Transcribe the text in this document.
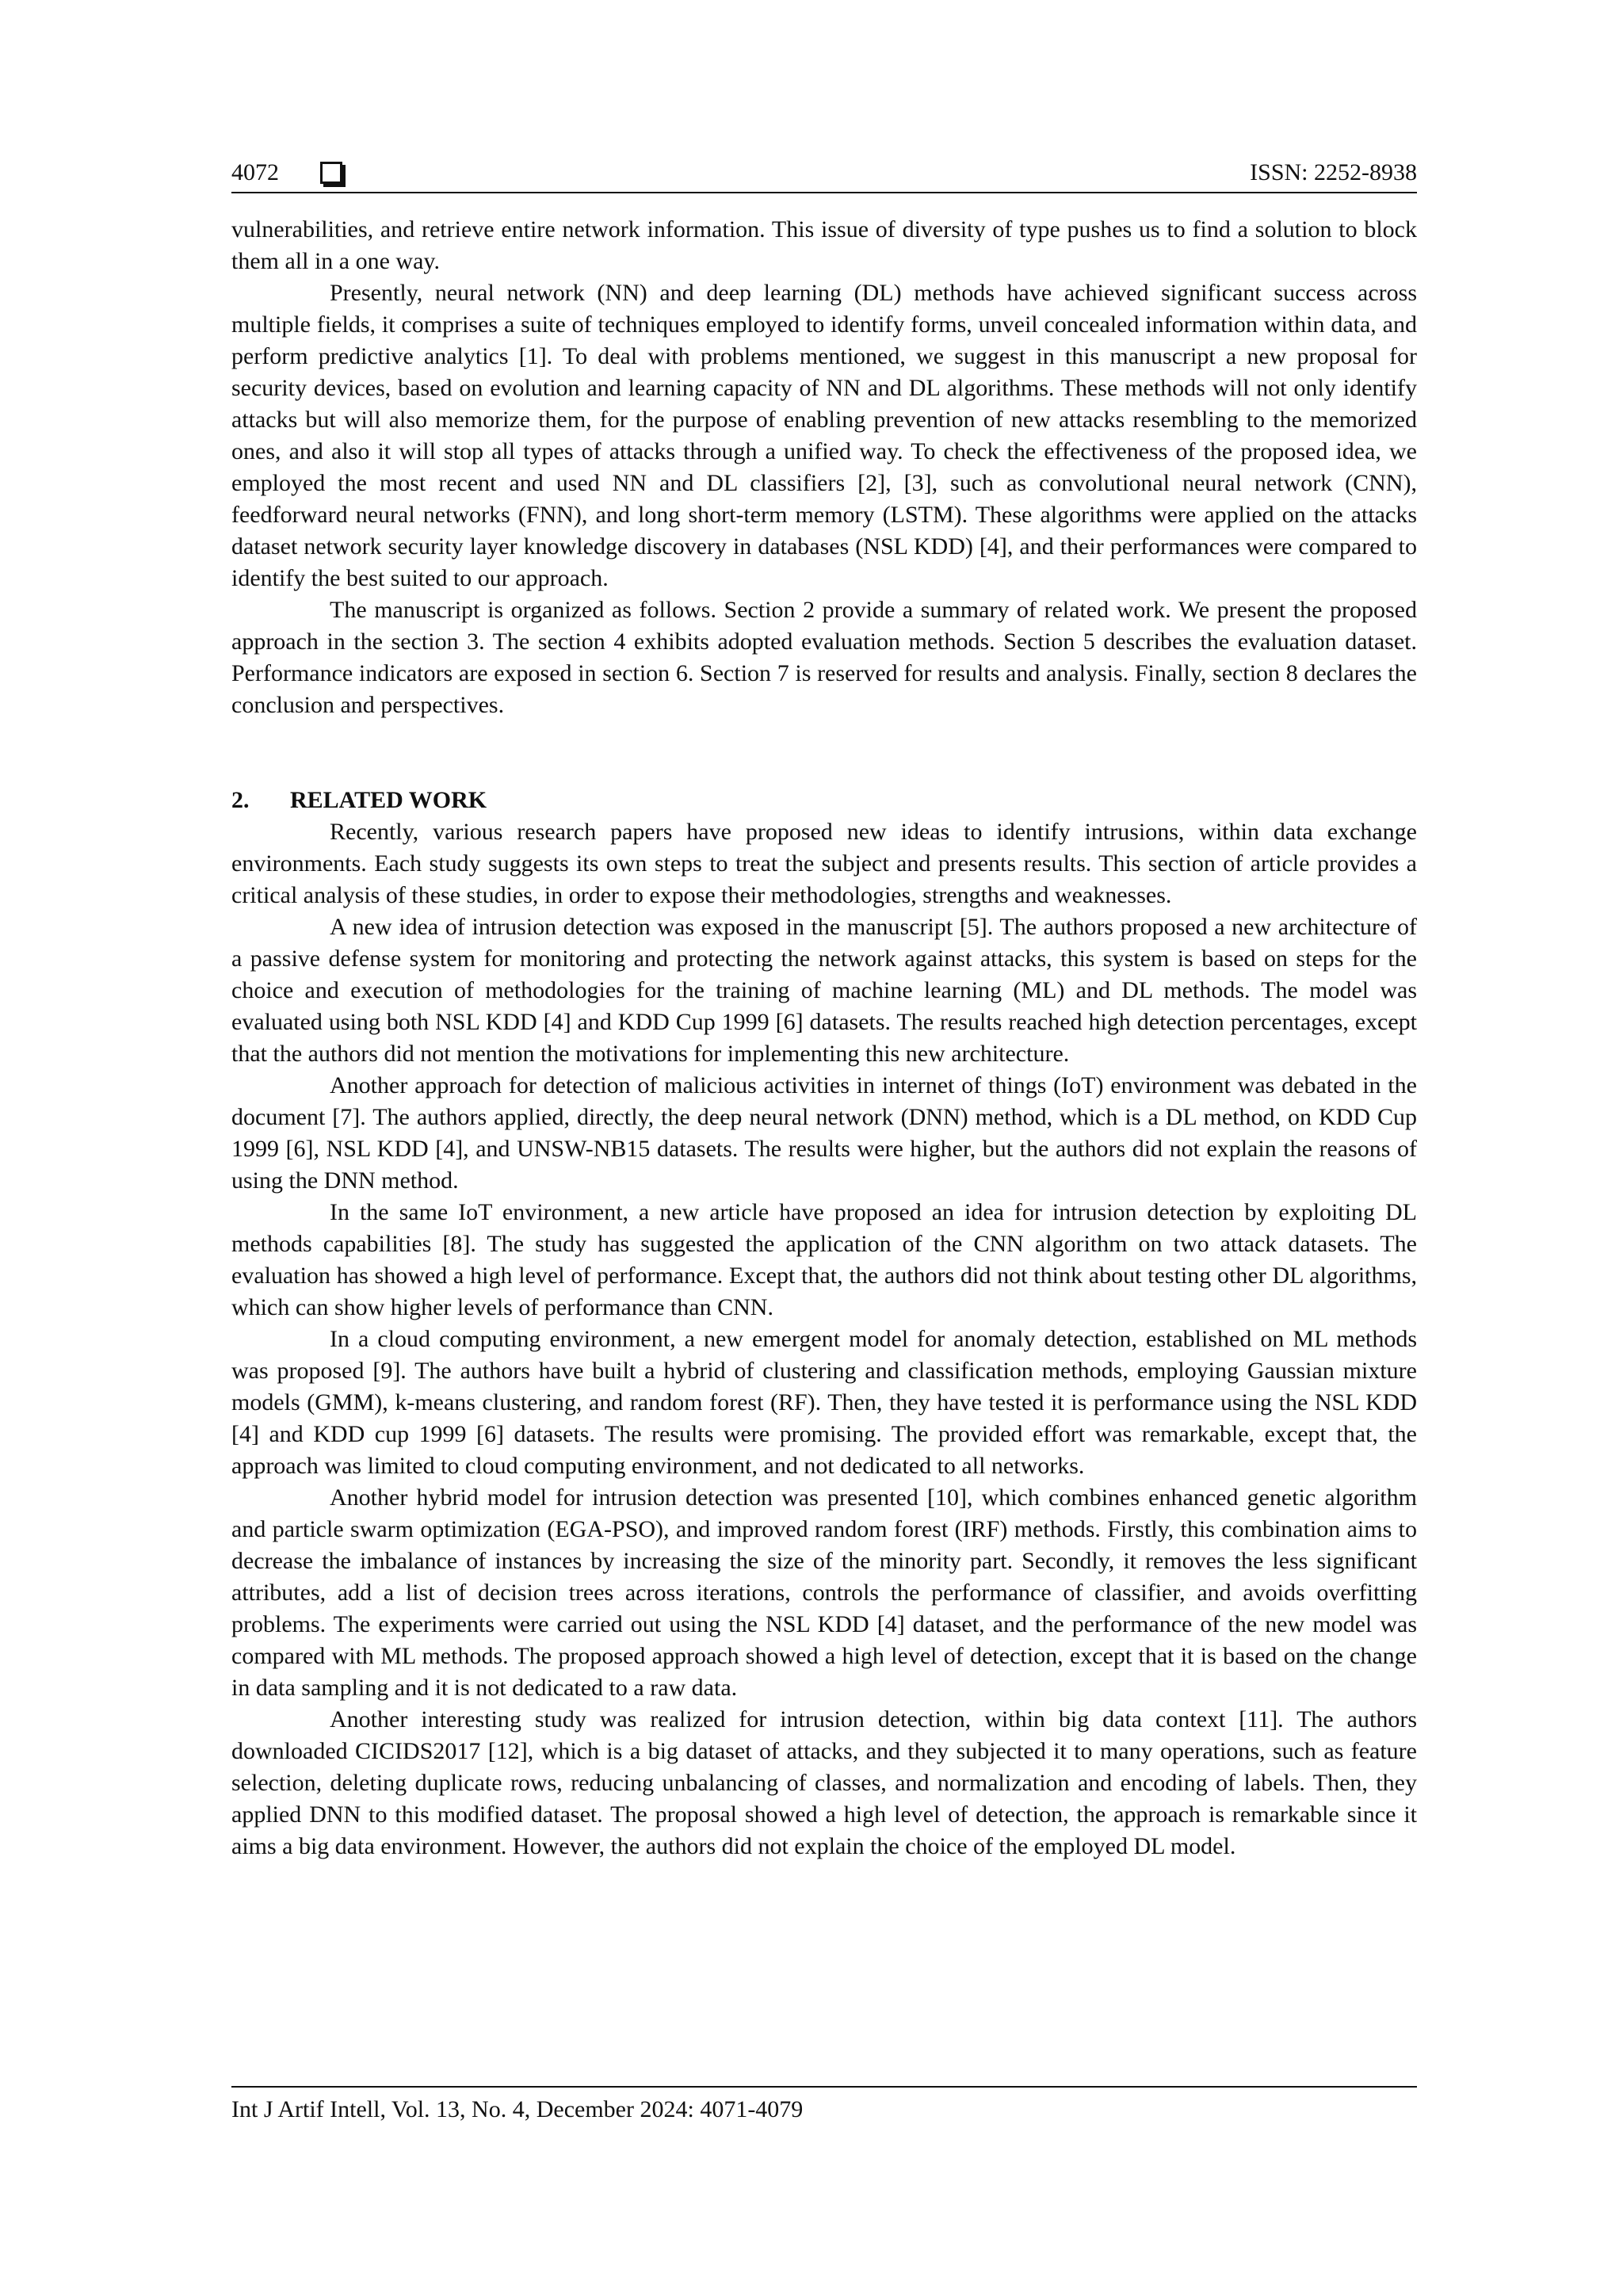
4072	ISSN: 2252-8938

vulnerabilities, and retrieve entire network information. This issue of diversity of type pushes us to find a solution to block them all in a one way.

Presently, neural network (NN) and deep learning (DL) methods have achieved significant success across multiple fields, it comprises a suite of techniques employed to identify forms, unveil concealed information within data, and perform predictive analytics [1]. To deal with problems mentioned, we suggest in this manuscript a new proposal for security devices, based on evolution and learning capacity of NN and DL algorithms. These methods will not only identify attacks but will also memorize them, for the purpose of enabling prevention of new attacks resembling to the memorized ones, and also it will stop all types of attacks through a unified way. To check the effectiveness of the proposed idea, we employed the most recent and used NN and DL classifiers [2], [3], such as convolutional neural network (CNN), feedforward neural networks (FNN), and long short-term memory (LSTM). These algorithms were applied on the attacks dataset network security layer knowledge discovery in databases (NSL KDD) [4], and their performances were compared to identify the best suited to our approach.

The manuscript is organized as follows. Section 2 provide a summary of related work. We present the proposed approach in the section 3. The section 4 exhibits adopted evaluation methods. Section 5 describes the evaluation dataset. Performance indicators are exposed in section 6. Section 7 is reserved for results and analysis. Finally, section 8 declares the conclusion and perspectives.

2. RELATED WORK

Recently, various research papers have proposed new ideas to identify intrusions, within data exchange environments. Each study suggests its own steps to treat the subject and presents results. This section of article provides a critical analysis of these studies, in order to expose their methodologies, strengths and weaknesses.

A new idea of intrusion detection was exposed in the manuscript [5]. The authors proposed a new architecture of a passive defense system for monitoring and protecting the network against attacks, this system is based on steps for the choice and execution of methodologies for the training of machine learning (ML) and DL methods. The model was evaluated using both NSL KDD [4] and KDD Cup 1999 [6] datasets. The results reached high detection percentages, except that the authors did not mention the motivations for implementing this new architecture.

Another approach for detection of malicious activities in internet of things (IoT) environment was debated in the document [7]. The authors applied, directly, the deep neural network (DNN) method, which is a DL method, on KDD Cup 1999 [6], NSL KDD [4], and UNSW-NB15 datasets. The results were higher, but the authors did not explain the reasons of using the DNN method.

In the same IoT environment, a new article have proposed an idea for intrusion detection by exploiting DL methods capabilities [8]. The study has suggested the application of the CNN algorithm on two attack datasets. The evaluation has showed a high level of performance. Except that, the authors did not think about testing other DL algorithms, which can show higher levels of performance than CNN.

In a cloud computing environment, a new emergent model for anomaly detection, established on ML methods was proposed [9]. The authors have built a hybrid of clustering and classification methods, employing Gaussian mixture models (GMM), k-means clustering, and random forest (RF). Then, they have tested it is performance using the NSL KDD [4] and KDD cup 1999 [6] datasets. The results were promising. The provided effort was remarkable, except that, the approach was limited to cloud computing environment, and not dedicated to all networks.

Another hybrid model for intrusion detection was presented [10], which combines enhanced genetic algorithm and particle swarm optimization (EGA-PSO), and improved random forest (IRF) methods. Firstly, this combination aims to decrease the imbalance of instances by increasing the size of the minority part. Secondly, it removes the less significant attributes, add a list of decision trees across iterations, controls the performance of classifier, and avoids overfitting problems. The experiments were carried out using the NSL KDD [4] dataset, and the performance of the new model was compared with ML methods. The proposed approach showed a high level of detection, except that it is based on the change in data sampling and it is not dedicated to a raw data.

Another interesting study was realized for intrusion detection, within big data context [11]. The authors downloaded CICIDS2017 [12], which is a big dataset of attacks, and they subjected it to many operations, such as feature selection, deleting duplicate rows, reducing unbalancing of classes, and normalization and encoding of labels. Then, they applied DNN to this modified dataset. The proposal showed a high level of detection, the approach is remarkable since it aims a big data environment. However, the authors did not explain the choice of the employed DL model.

Int J Artif Intell, Vol. 13, No. 4, December 2024: 4071-4079
